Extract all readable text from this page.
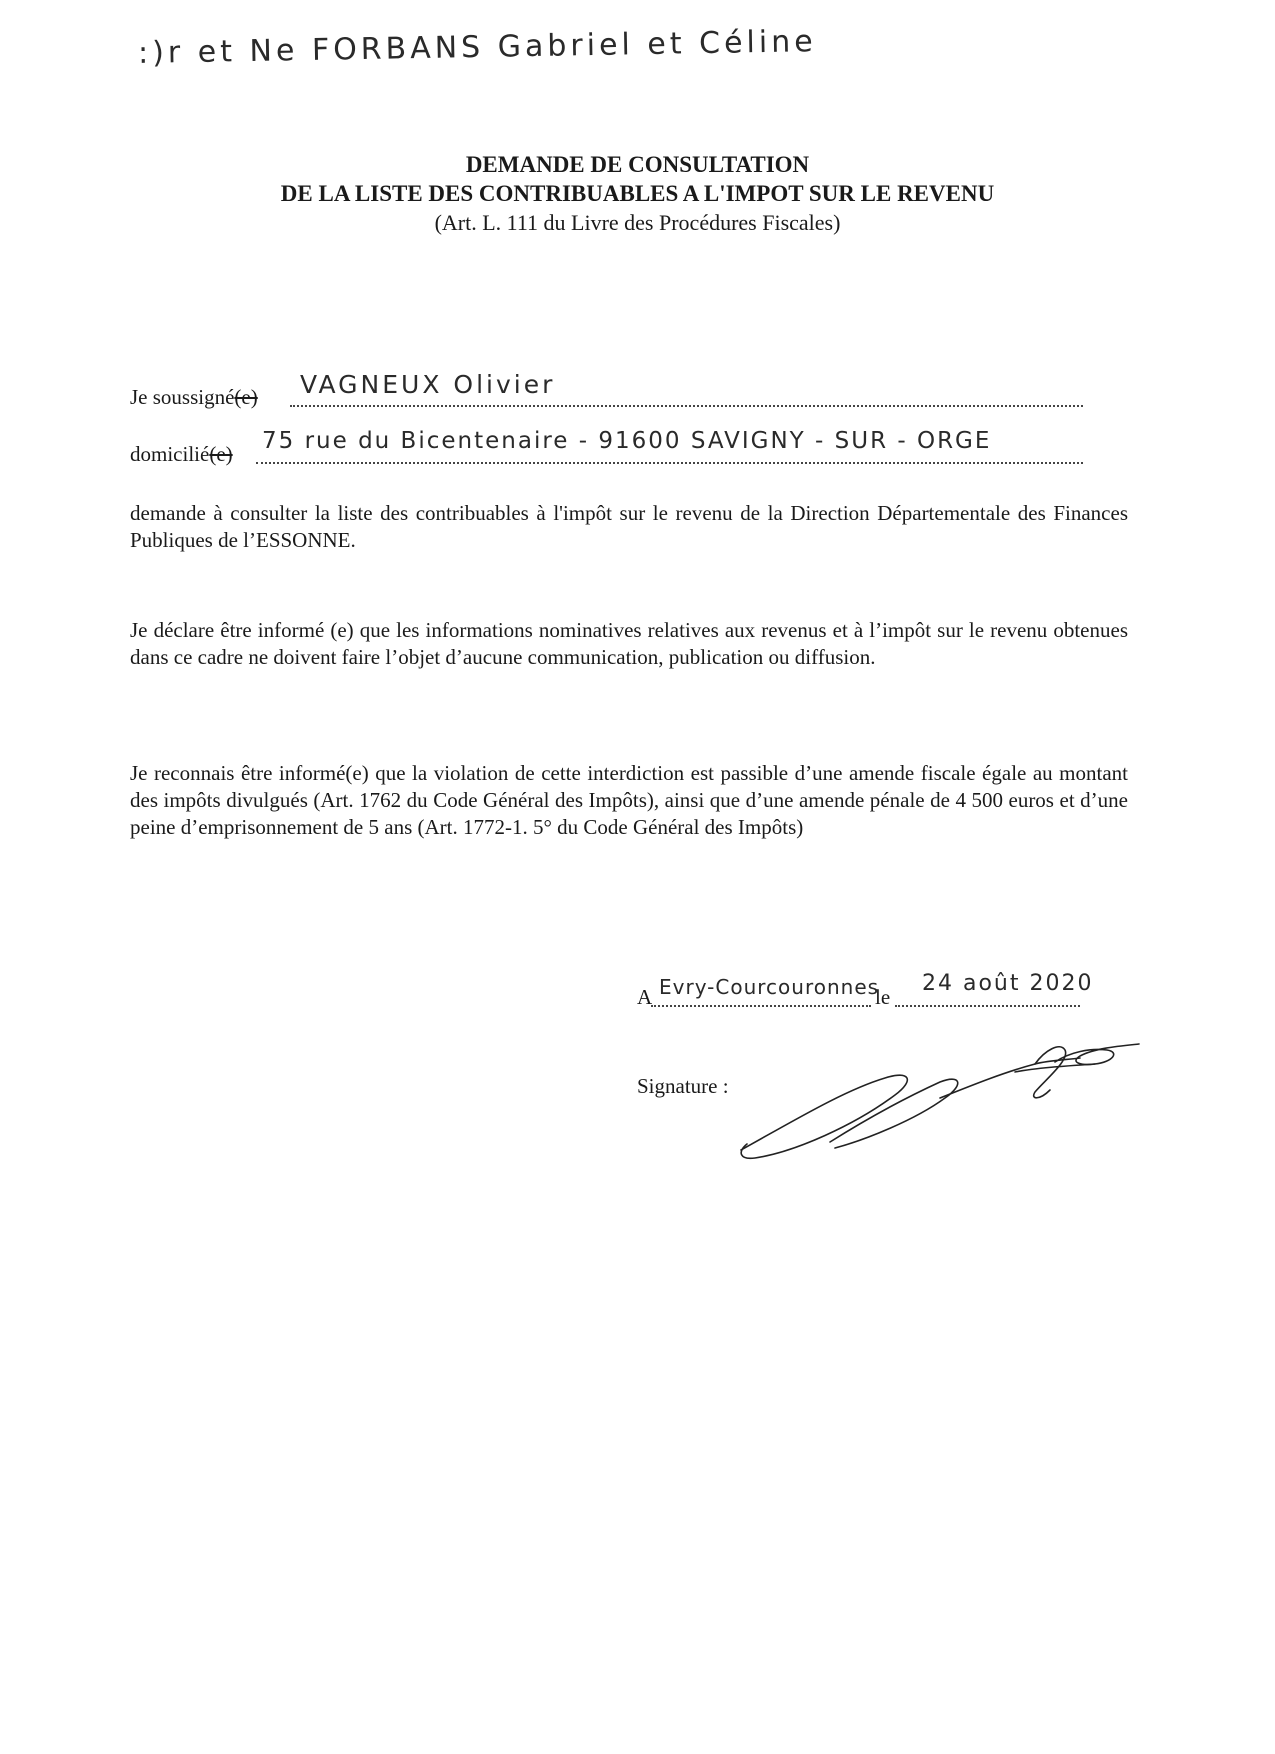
:)r et Ne FORBANS Gabriel et Céline
DEMANDE DE CONSULTATION
DE LA LISTE DES CONTRIBUABLES A L'IMPOT SUR LE REVENU
(Art. L. 111 du Livre des Procédures Fiscales)
Je soussigné(e) VAGNEUX Olivier
domicilié(e) 75 rue du Bicentenaire - 91600 SAVIGNY - SUR - ORGE
demande à consulter la liste des contribuables à l'impôt sur le revenu de la Direction Départementale des Finances Publiques de l’ESSONNE.
Je déclare être informé (e) que les informations nominatives relatives aux revenus et à l’impôt sur le revenu obtenues dans ce cadre ne doivent faire l’objet d’aucune communication, publication ou diffusion.
Je reconnais être informé(e) que la violation de cette interdiction est passible d’une amende fiscale égale au montant des impôts divulgués (Art. 1762 du Code Général des Impôts), ainsi que d’une amende pénale de 4 500 euros et d’une peine d’emprisonnement de 5 ans (Art. 1772-1. 5° du Code Général des Impôts)
A Evry-Courcouronnes
le
24 août 2020
Signature :
